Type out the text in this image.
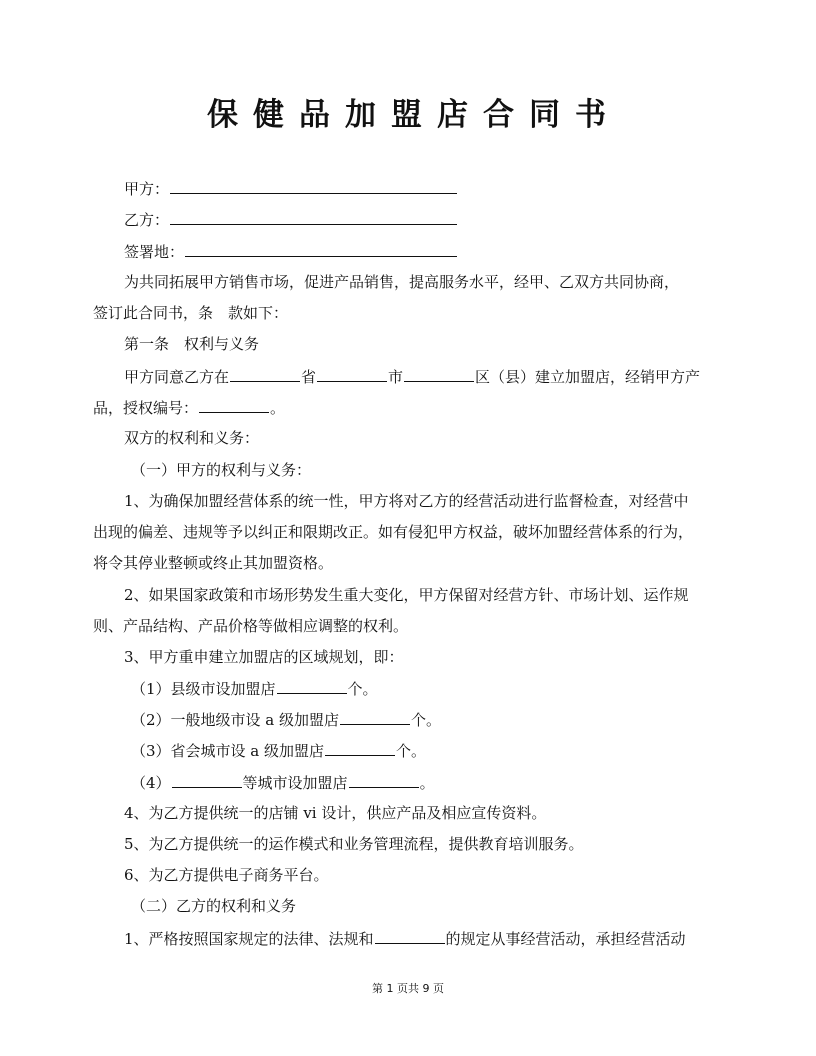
保健品加盟店合同书
甲方：
乙方：
签署地：
为共同拓展甲方销售市场，促进产品销售，提高服务水平，经甲、乙双方共同协商，
签订此合同书，条　款如下：
第一条　权利与义务
甲方同意乙方在	省	市	区（县）建立加盟店，经销甲方产
品，授权编号：	。
双方的权利和义务：
（一）甲方的权利与义务：
1、为确保加盟经营体系的统一性，甲方将对乙方的经营活动进行监督检查，对经营中
出现的偏差、违规等予以纠正和限期改正。如有侵犯甲方权益，破坏加盟经营体系的行为，
将令其停业整顿或终止其加盟资格。
2、如果国家政策和市场形势发生重大变化，甲方保留对经营方针、市场计划、运作规
则、产品结构、产品价格等做相应调整的权利。
3、甲方重申建立加盟店的区域规划，即：
（1）县级市设加盟店	个。
（2）一般地级市设 a 级加盟店	个。
（3）省会城市设 a 级加盟店	个。
（4）	等城市设加盟店	。
4、为乙方提供统一的店铺 vi 设计，供应产品及相应宣传资料。
5、为乙方提供统一的运作模式和业务管理流程，提供教育培训服务。
6、为乙方提供电子商务平台。
（二）乙方的权利和义务
1、严格按照国家规定的法律、法规和	的规定从事经营活动，承担经营活动
第 1 页共 9 页
